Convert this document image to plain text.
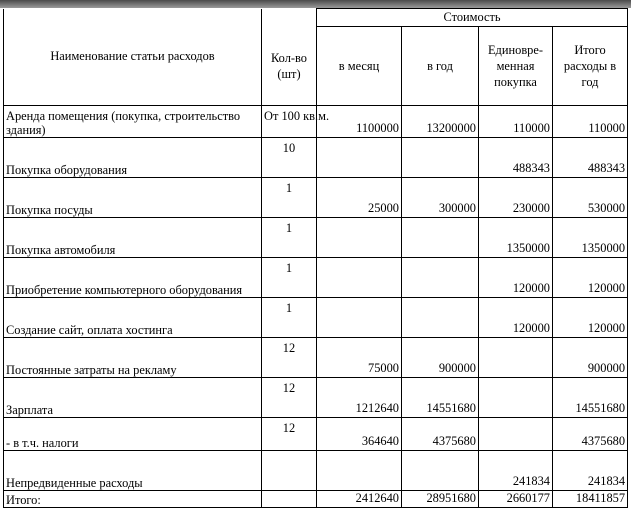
Наименование статьи расходов		Стоимость			
	Кол-во (шт)	в месяц	в год	Единовре-менная покупка	Итого расходы в год
Аренда помещения (покупка, строительство здания)	От 100 кв.м.	1100000	13200000	110000	110000
Покупка оборудования	10			488343	488343
Покупка посуды	1	25000	300000	230000	530000
Покупка автомобиля	1			1350000	1350000
Приобретение компьютерного оборудования	1			120000	120000
Создание сайт, оплата хостинга	1			120000	120000
Постоянные затраты на рекламу	12	75000	900000		900000
Зарплата	12	1212640	14551680		14551680
- в т.ч. налоги	12	364640	4375680		4375680
Непредвиденные расходы				241834	241834
Итого:		2412640	28951680	2660177	18411857
